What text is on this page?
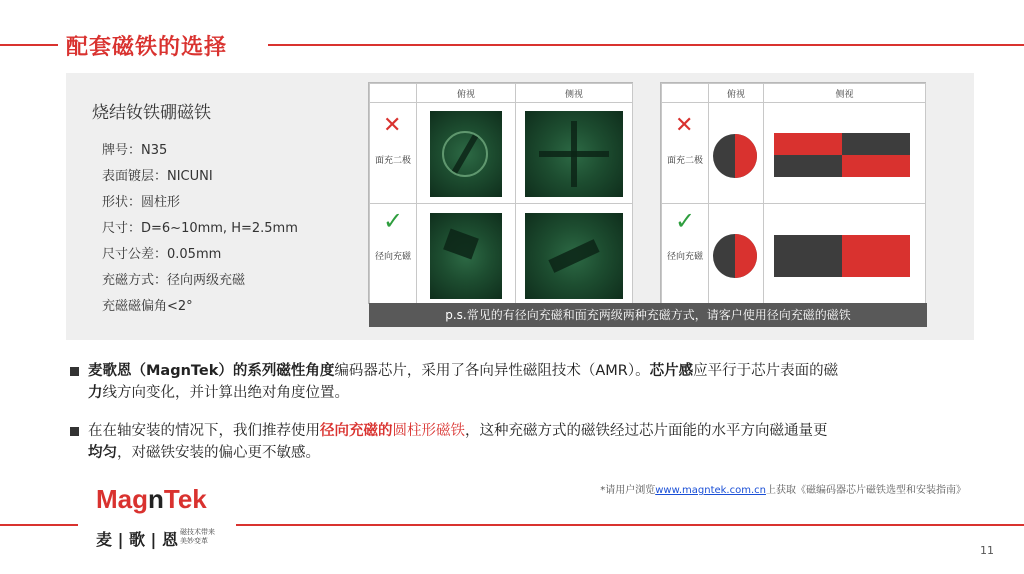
配套磁铁的选择
烧结钕铁硼磁铁
牌号：N35
表面镀层：NICUNI
形状：圆柱形
尺寸：D=6~10mm, H=2.5mm
尺寸公差：0.05mm
充磁方式：径向两级充磁
充磁磁偏角<2°
俯视	侧视
✕
面充二极
✓
径向充磁
俯视	侧视
✕
面充二极
✓
径向充磁
p.s.常见的有径向充磁和面充两级两种充磁方式，请客户使用径向充磁的磁铁
麦歌恩（MagnTek）的系列磁性角度编码器芯片，采用了各向异性磁阻技术（AMR）。芯片感应平行于芯片表面的磁
力线方向变化，并计算出绝对角度位置。
在在轴安装的情况下，我们推荐使用径向充磁的圆柱形磁铁，这种充磁方式的磁铁经过芯片面能的水平方向磁通量更
均匀，对磁铁安装的偏心更不敏感。
*请用户浏览www.magntek.com.cn上获取《磁编码器芯片磁铁选型和安装指南》
MagnTek
麦 | 歌 | 恩 磁技术带来
美妙变革
11
